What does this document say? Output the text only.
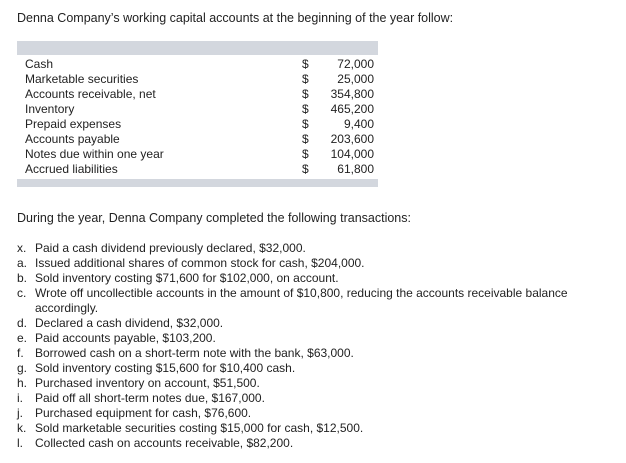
Denna Company’s working capital accounts at the beginning of the year follow:
Cash	$	72,000
Marketable securities	$	25,000
Accounts receivable, net	$	354,800
Inventory	$	465,200
Prepaid expenses	$	9,400
Accounts payable	$	203,600
Notes due within one year	$	104,000
Accrued liabilities	$	61,800
During the year, Denna Company completed the following transactions:
x. Paid a cash dividend previously declared, $32,000.
a. Issued additional shares of common stock for cash, $204,000.
b. Sold inventory costing $71,600 for $102,000, on account.
c. Wrote off uncollectible accounts in the amount of $10,800, reducing the accounts receivable balance accordingly.
d. Declared a cash dividend, $32,000.
e. Paid accounts payable, $103,200.
f. Borrowed cash on a short-term note with the bank, $63,000.
g. Sold inventory costing $15,600 for $10,400 cash.
h. Purchased inventory on account, $51,500.
i.	Paid off all short-term notes due, $167,000.
j.	Purchased equipment for cash, $76,600.
k. Sold marketable securities costing $15,000 for cash, $12,500.
l.	Collected cash on accounts receivable, $82,200.
